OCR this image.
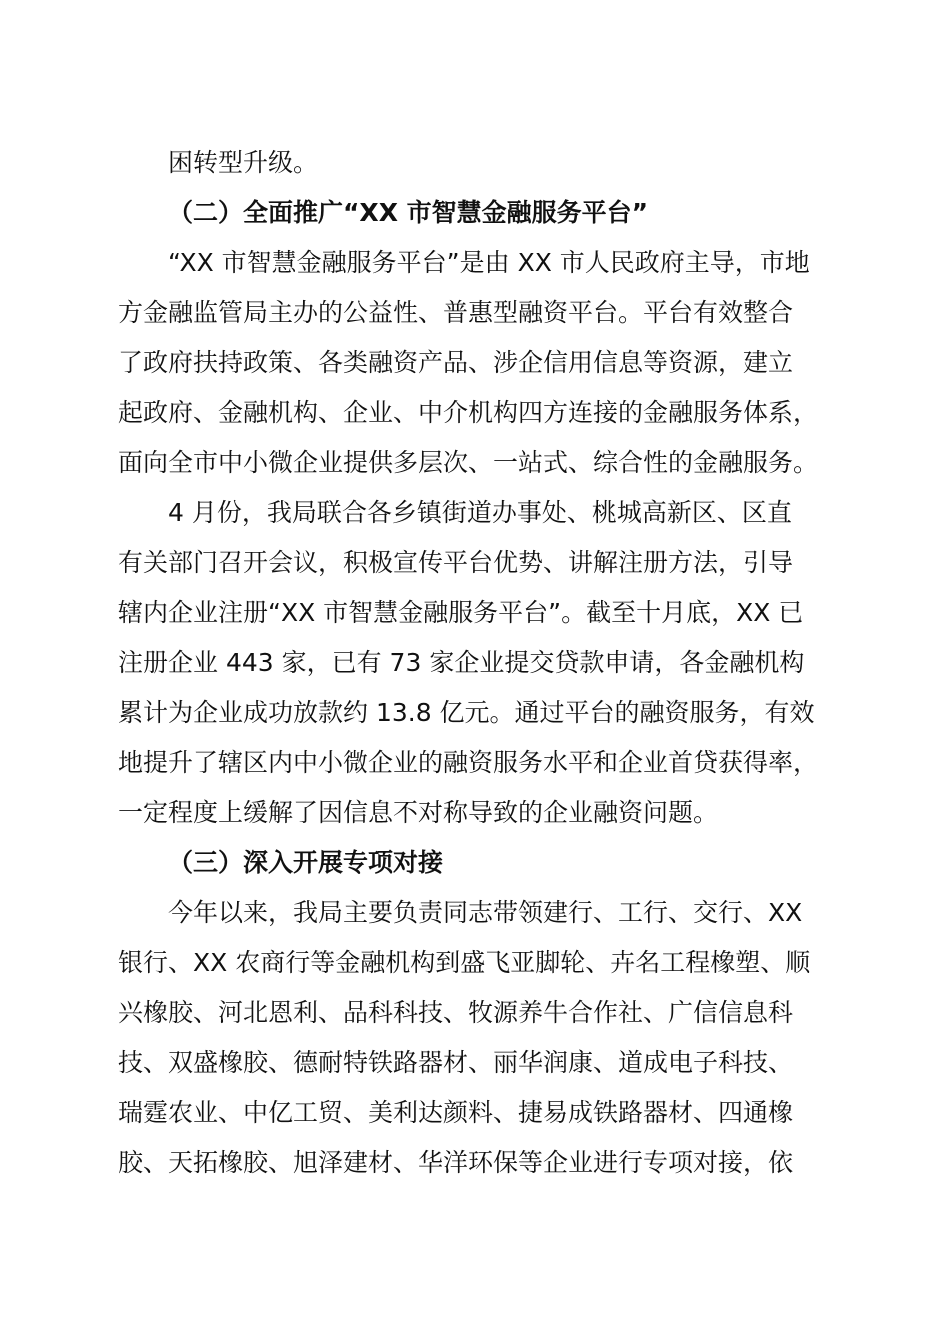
困转型升级。
（二）全面推广“XX 市智慧金融服务平台”
“XX 市智慧金融服务平台”是由 XX 市人民政府主导，市地
方金融监管局主办的公益性、普惠型融资平台。平台有效整合
了政府扶持政策、各类融资产品、涉企信用信息等资源，建立
起政府、金融机构、企业、中介机构四方连接的金融服务体系，
面向全市中小微企业提供多层次、一站式、综合性的金融服务。
4 月份，我局联合各乡镇街道办事处、桃城高新区、区直
有关部门召开会议，积极宣传平台优势、讲解注册方法，引导
辖内企业注册“XX 市智慧金融服务平台”。截至十月底，XX 已
注册企业 443 家，已有 73 家企业提交贷款申请，各金融机构
累计为企业成功放款约 13.8 亿元。通过平台的融资服务，有效
地提升了辖区内中小微企业的融资服务水平和企业首贷获得率，
一定程度上缓解了因信息不对称导致的企业融资问题。
（三）深入开展专项对接
今年以来，我局主要负责同志带领建行、工行、交行、XX
银行、XX 农商行等金融机构到盛飞亚脚轮、卉名工程橡塑、顺
兴橡胶、河北恩利、品科科技、牧源养牛合作社、广信信息科
技、双盛橡胶、德耐特铁路器材、丽华润康、道成电子科技、
瑞霆农业、中亿工贸、美利达颜料、捷易成铁路器材、四通橡
胶、天拓橡胶、旭泽建材、华洋环保等企业进行专项对接，依
